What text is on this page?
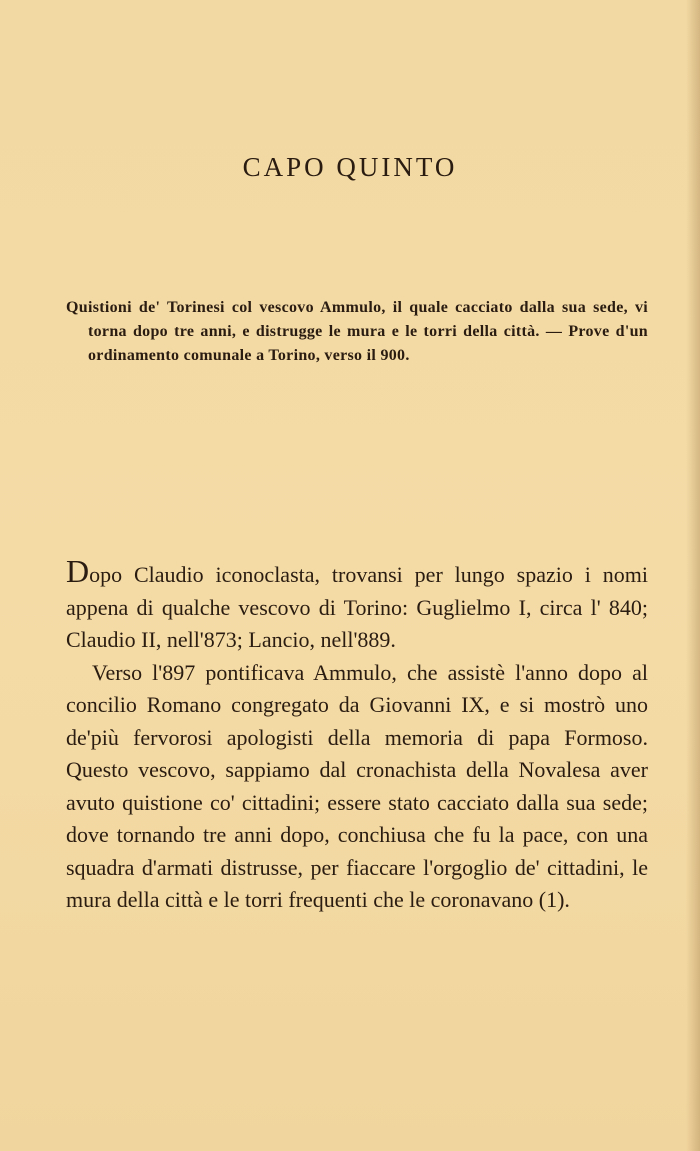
CAPO QUINTO

Quistioni de' Torinesi col vescovo Ammulo, il quale cacciato dalla sua sede, vi torna dopo tre anni, e distrugge le mura e le torri della città. — Prove d'un ordinamento comunale a Torino, verso il 900.

Dopo Claudio iconoclasta, trovansi per lungo spazio i nomi appena di qualche vescovo di Torino: Guglielmo I, circa l' 840; Claudio II, nell'873; Lancio, nell'889.

Verso l'897 pontificava Ammulo, che assistè l'anno dopo al concilio Romano congregato da Giovanni IX, e si mostrò uno de'più fervorosi apologisti della memoria di papa Formoso. Questo vescovo, sappiamo dal cronachista della Novalesa aver avuto quistione co' cittadini; essere stato cacciato dalla sua sede; dove tornando tre anni dopo, conchiusa che fu la pace, con una squadra d'armati distrusse, per fiaccare l'orgoglio de' cittadini, le mura della città e le torri frequenti che le coronavano (1).
